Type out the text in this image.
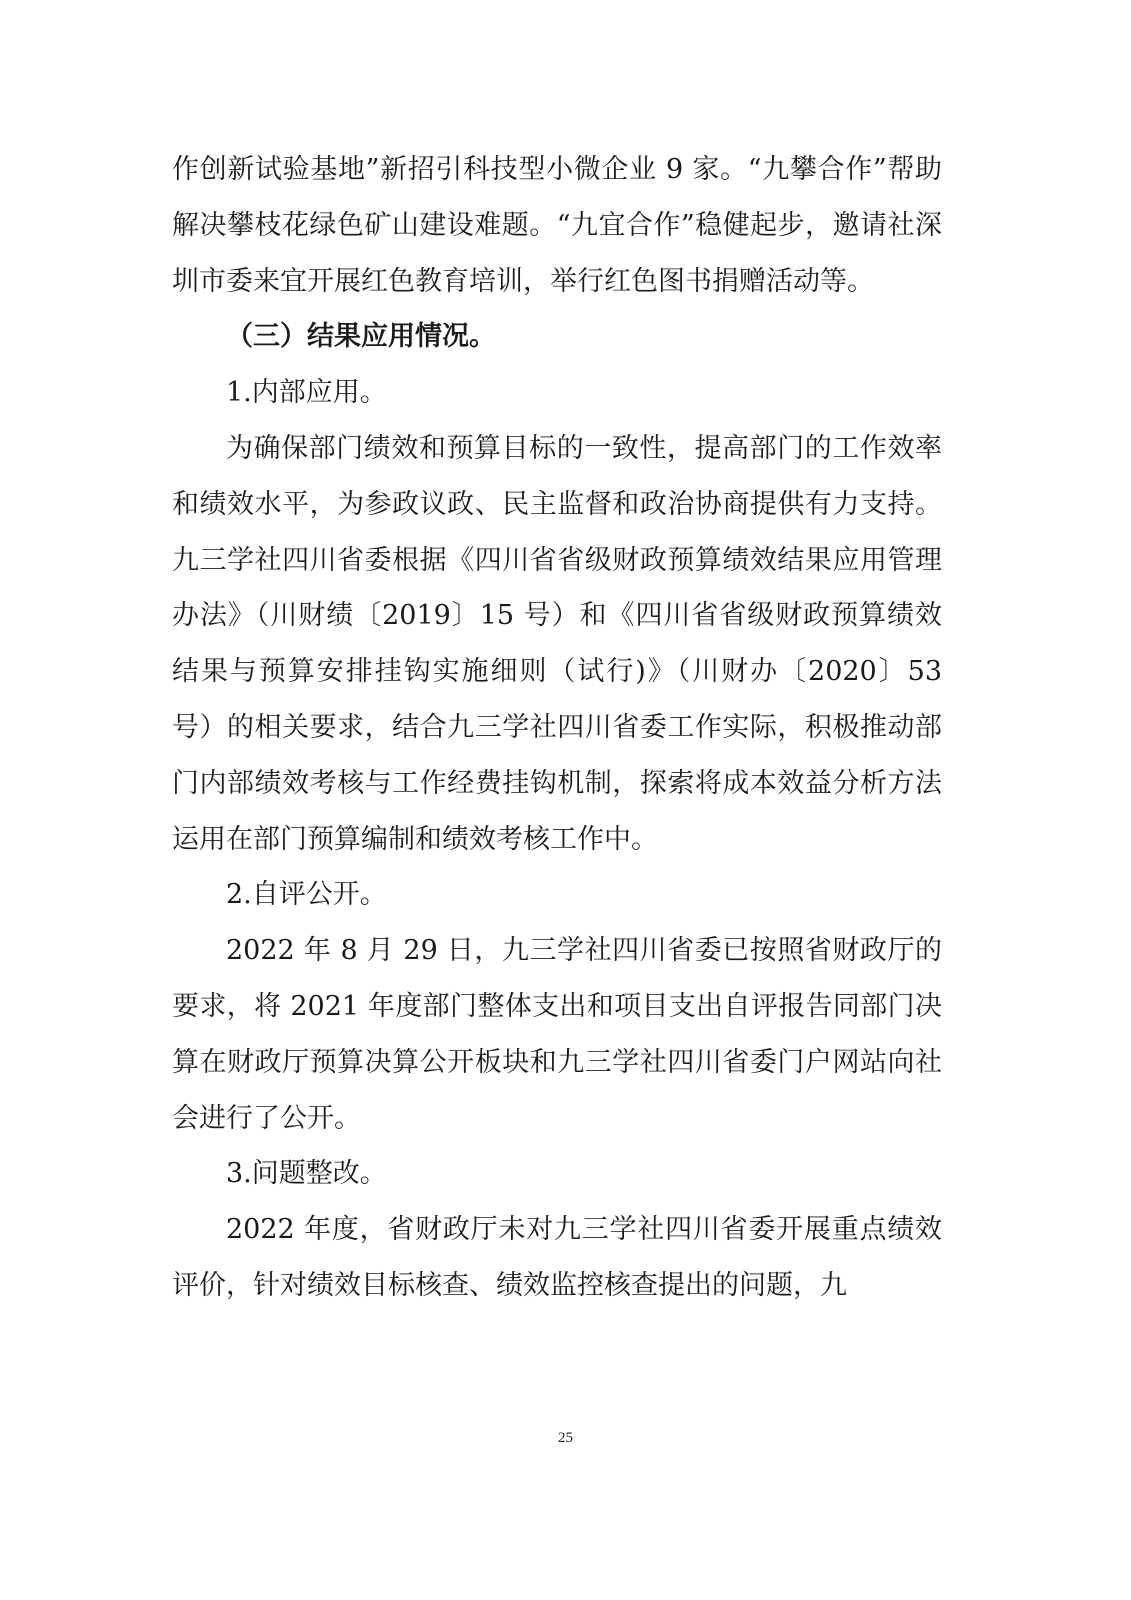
作创新试验基地”新招引科技型小微企业 9 家。“九攀合作”帮助解决攀枝花绿色矿山建设难题。“九宜合作”稳健起步，邀请社深圳市委来宜开展红色教育培训，举行红色图书捐赠活动等。

（三）结果应用情况。

1.内部应用。

为确保部门绩效和预算目标的一致性，提高部门的工作效率和绩效水平，为参政议政、民主监督和政治协商提供有力支持。九三学社四川省委根据《四川省省级财政预算绩效结果应用管理办法》（川财绩〔2019〕15 号）和《四川省省级财政预算绩效结果与预算安排挂钩实施细则（试行)》（川财办〔2020〕53 号）的相关要求，结合九三学社四川省委工作实际，积极推动部门内部绩效考核与工作经费挂钩机制，探索将成本效益分析方法运用在部门预算编制和绩效考核工作中。

2.自评公开。

2022 年 8 月 29 日，九三学社四川省委已按照省财政厅的要求，将 2021 年度部门整体支出和项目支出自评报告同部门决算在财政厅预算决算公开板块和九三学社四川省委门户网站向社会进行了公开。

3.问题整改。

2022 年度，省财政厅未对九三学社四川省委开展重点绩效评价，针对绩效目标核查、绩效监控核查提出的问题，九

25
